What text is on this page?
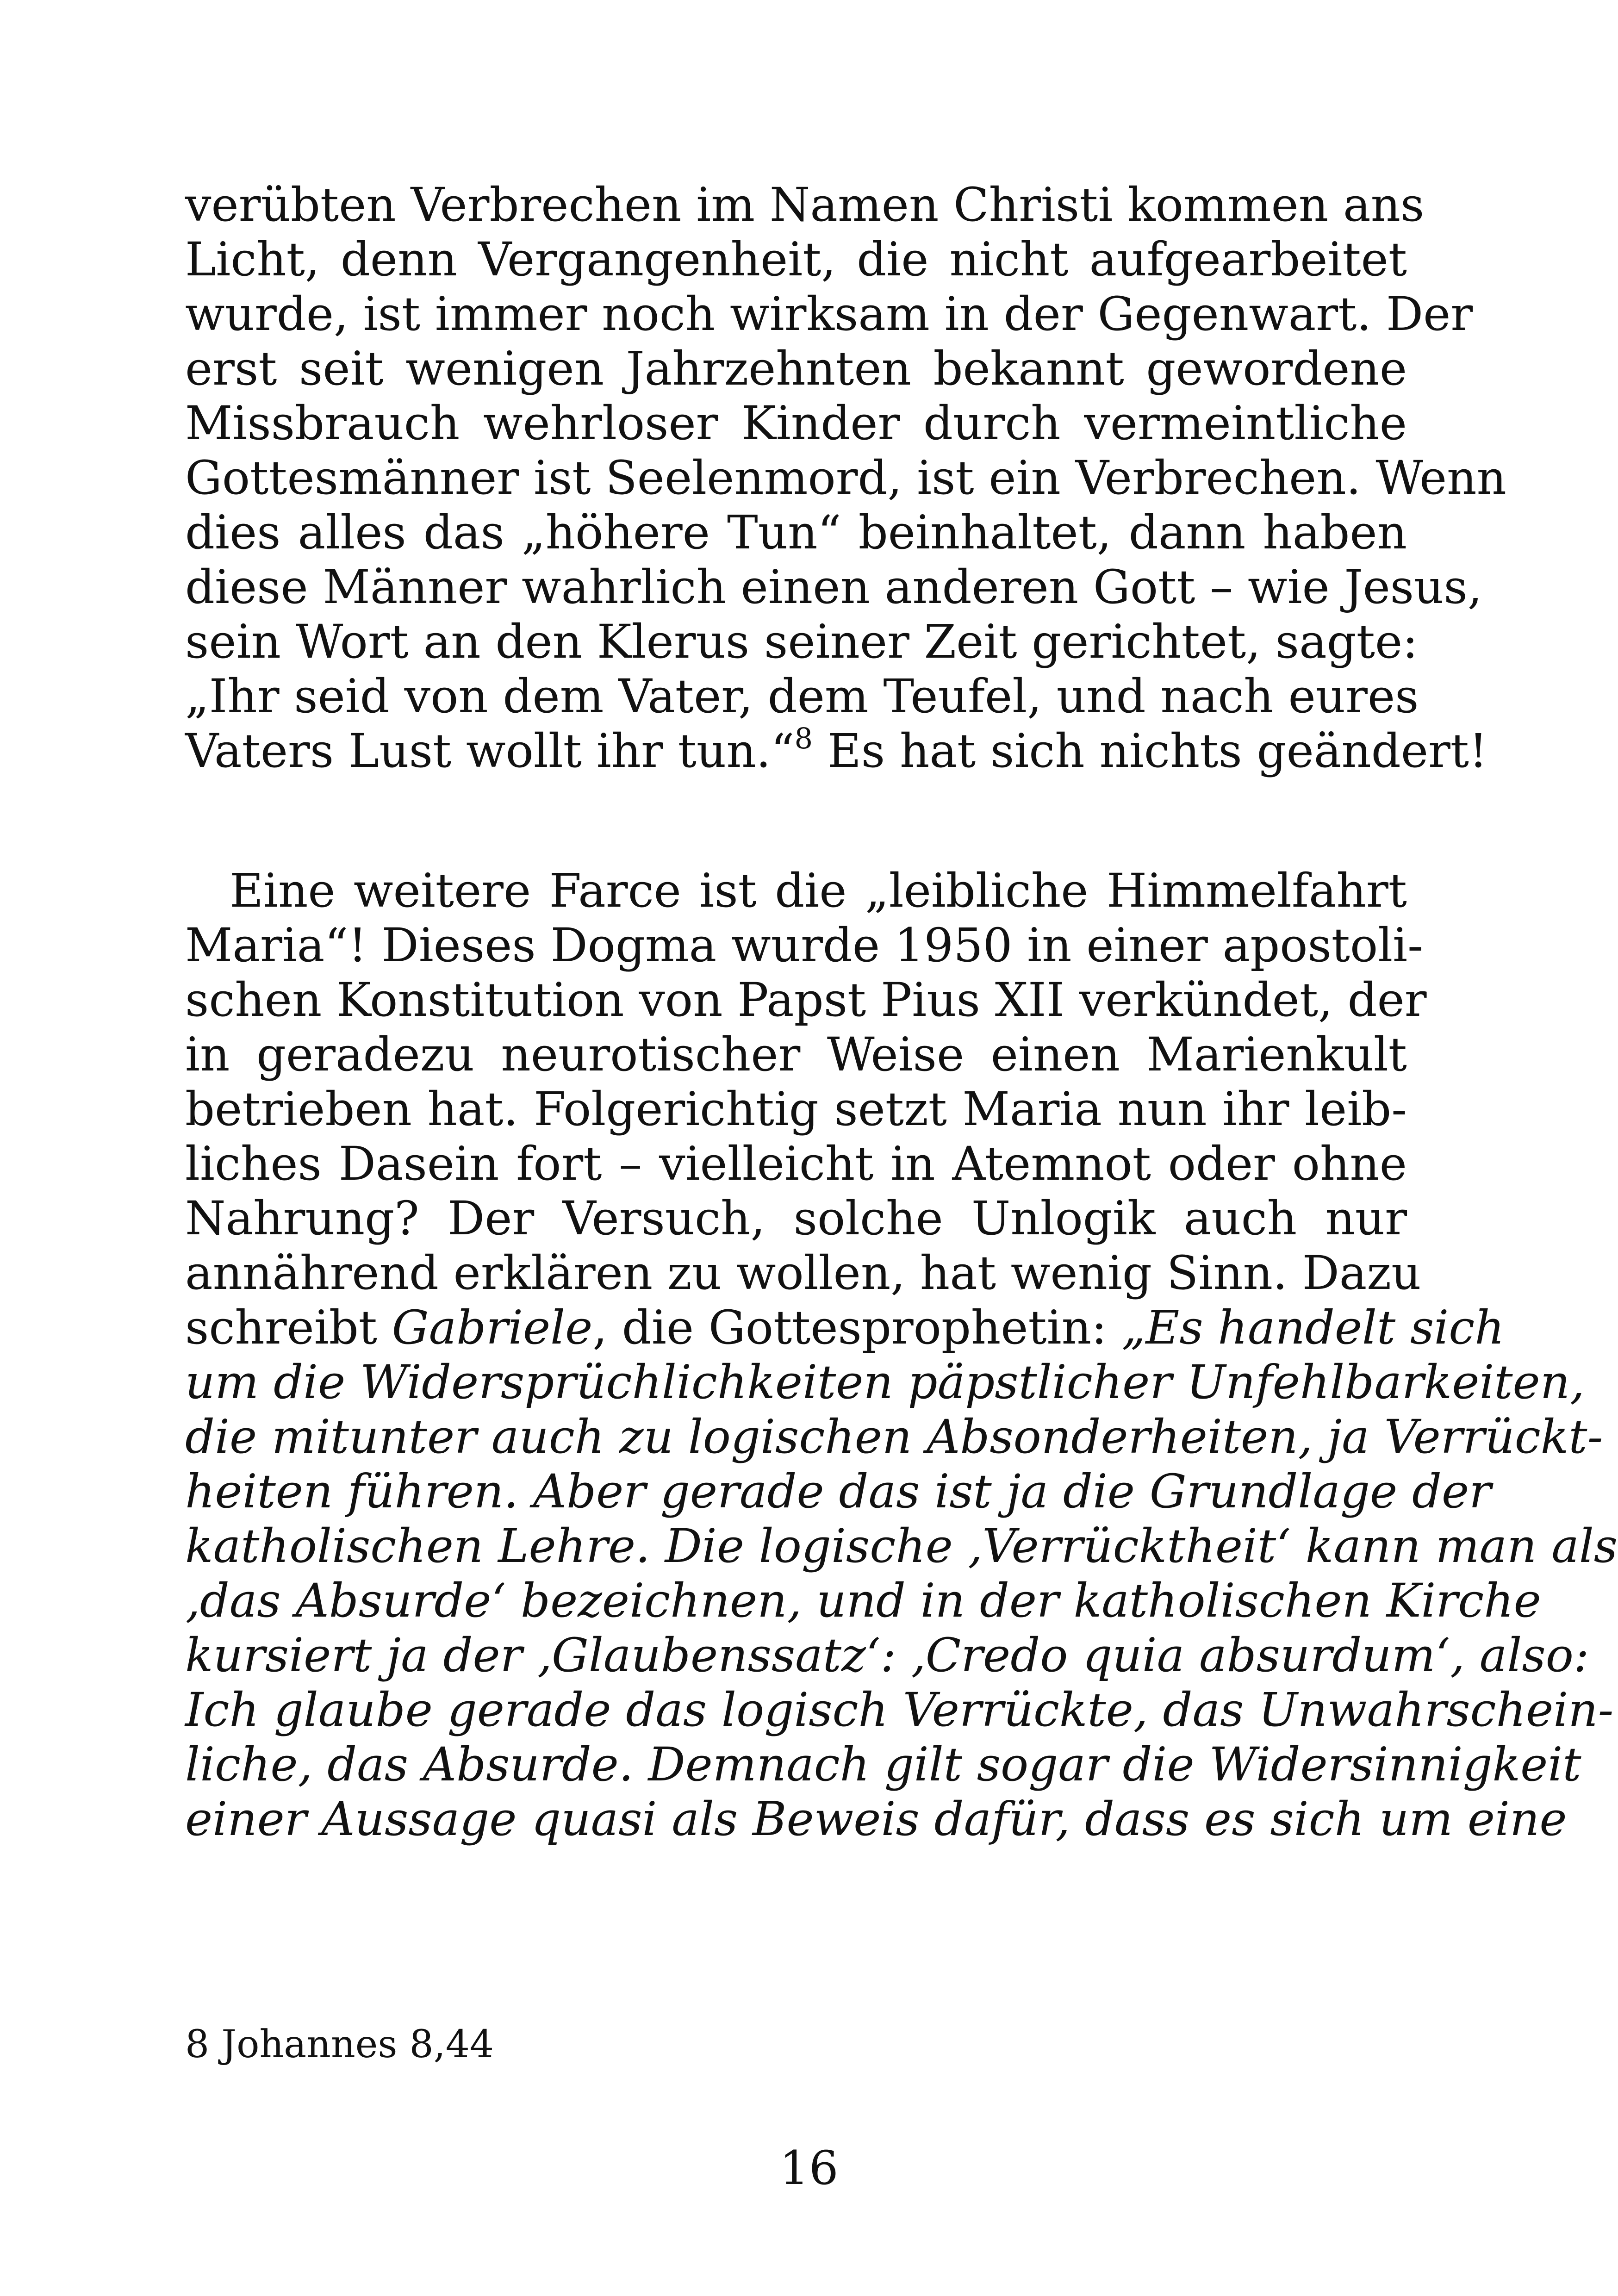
verübten Verbrechen im Namen Christi kommen ans
Licht, denn Vergangenheit, die nicht aufgearbeitet
wurde, ist immer noch wirksam in der Gegenwart. Der
erst seit wenigen Jahrzehnten bekannt gewordene
Missbrauch wehrloser Kinder durch vermeintliche
Gottesmänner ist Seelenmord, ist ein Verbrechen. Wenn
dies alles das „höhere Tun“ beinhaltet, dann haben
diese Männer wahrlich einen anderen Gott – wie Jesus,
sein Wort an den Klerus seiner Zeit gerichtet, sagte:
„Ihr seid von dem Vater, dem Teufel, und nach eures
Vaters Lust wollt ihr tun.“$^8$ Es hat sich nichts geändert!
Eine weitere Farce ist die „leibliche Himmelfahrt
Maria“! Dieses Dogma wurde 1950 in einer apostoli-
schen Konstitution von Papst Pius XII verkündet, der
in geradezu neurotischer Weise einen Marienkult
betrieben hat. Folgerichtig setzt Maria nun ihr leib-
liches Dasein fort – vielleicht in Atemnot oder ohne
Nahrung? Der Versuch, solche Unlogik auch nur
annährend erklären zu wollen, hat wenig Sinn. Dazu
schreibt Gabriele, die Gottesprophetin: „Es handelt sich
um die Widersprüchlichkeiten päpstlicher Unfehlbarkeiten,
die mitunter auch zu logischen Absonderheiten, ja Verrückt-
heiten führen. Aber gerade das ist ja die Grundlage der
katholischen Lehre. Die logische ‚Verrücktheit‘ kann man als
‚das Absurde‘ bezeichnen, und in der katholischen Kirche
kursiert ja der ‚Glaubenssatz‘: ‚Credo quia absurdum‘, also:
Ich glaube gerade das logisch Verrückte, das Unwahrschein-
liche, das Absurde. Demnach gilt sogar die Widersinnigkeit
einer Aussage quasi als Beweis dafür, dass es sich um eine

8 Johannes 8,44

16
